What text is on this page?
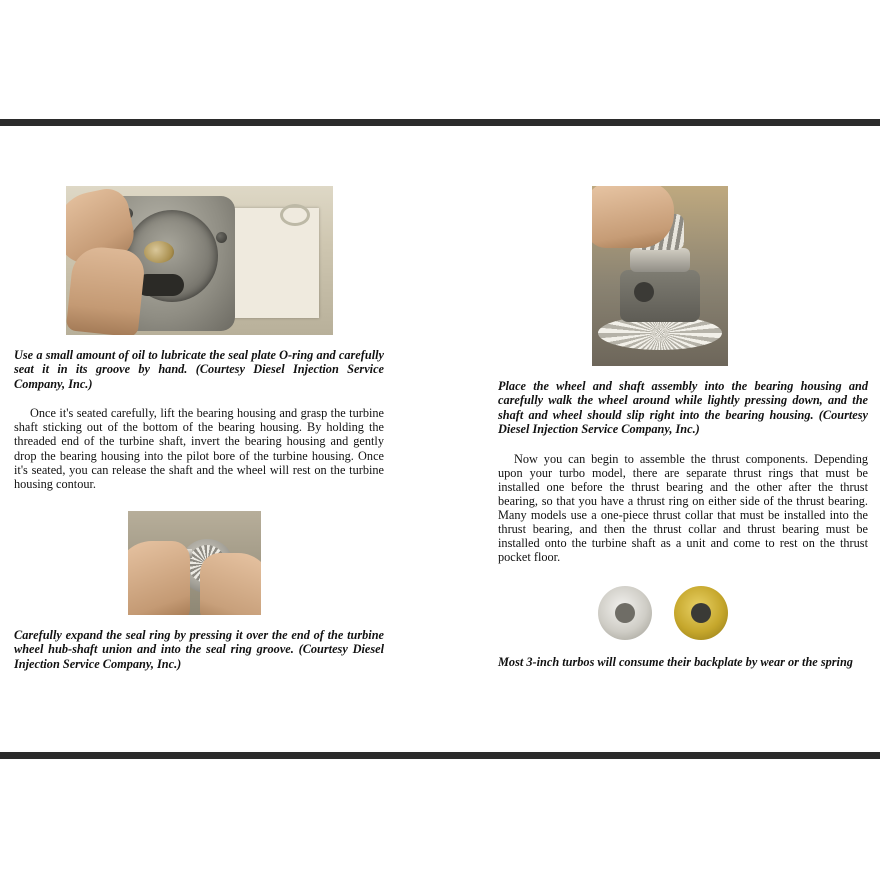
Use a small amount of oil to lubricate the seal plate O-ring and carefully seat it in its groove by hand. (Courtesy Diesel Injection Service Company, Inc.)

Once it's seated carefully, lift the bearing housing and grasp the turbine shaft sticking out of the bottom of the bearing housing. By holding the threaded end of the turbine shaft, invert the bearing housing and gently drop the bearing housing into the pilot bore of the turbine housing. Once it's seated, you can release the shaft and the wheel will rest on the turbine housing contour.

Carefully expand the seal ring by pressing it over the end of the turbine wheel hub-shaft union and into the seal ring groove. (Courtesy Diesel Injection Service Company, Inc.)

Place the wheel and shaft assembly into the bearing housing and carefully walk the wheel around while lightly pressing down, and the shaft and wheel should slip right into the bearing housing. (Courtesy Diesel Injection Service Company, Inc.)

Now you can begin to assemble the thrust components. Depending upon your turbo model, there are separate thrust rings that must be installed one before the thrust bearing and the other after the thrust bearing, so that you have a thrust ring on either side of the thrust bearing. Many models use a one-piece thrust collar that must be installed into the thrust bearing, and then the thrust collar and thrust bearing must be installed onto the turbine shaft as a unit and come to rest on the thrust pocket floor.

Most 3-inch turbos will consume their backplate by wear or the spring
